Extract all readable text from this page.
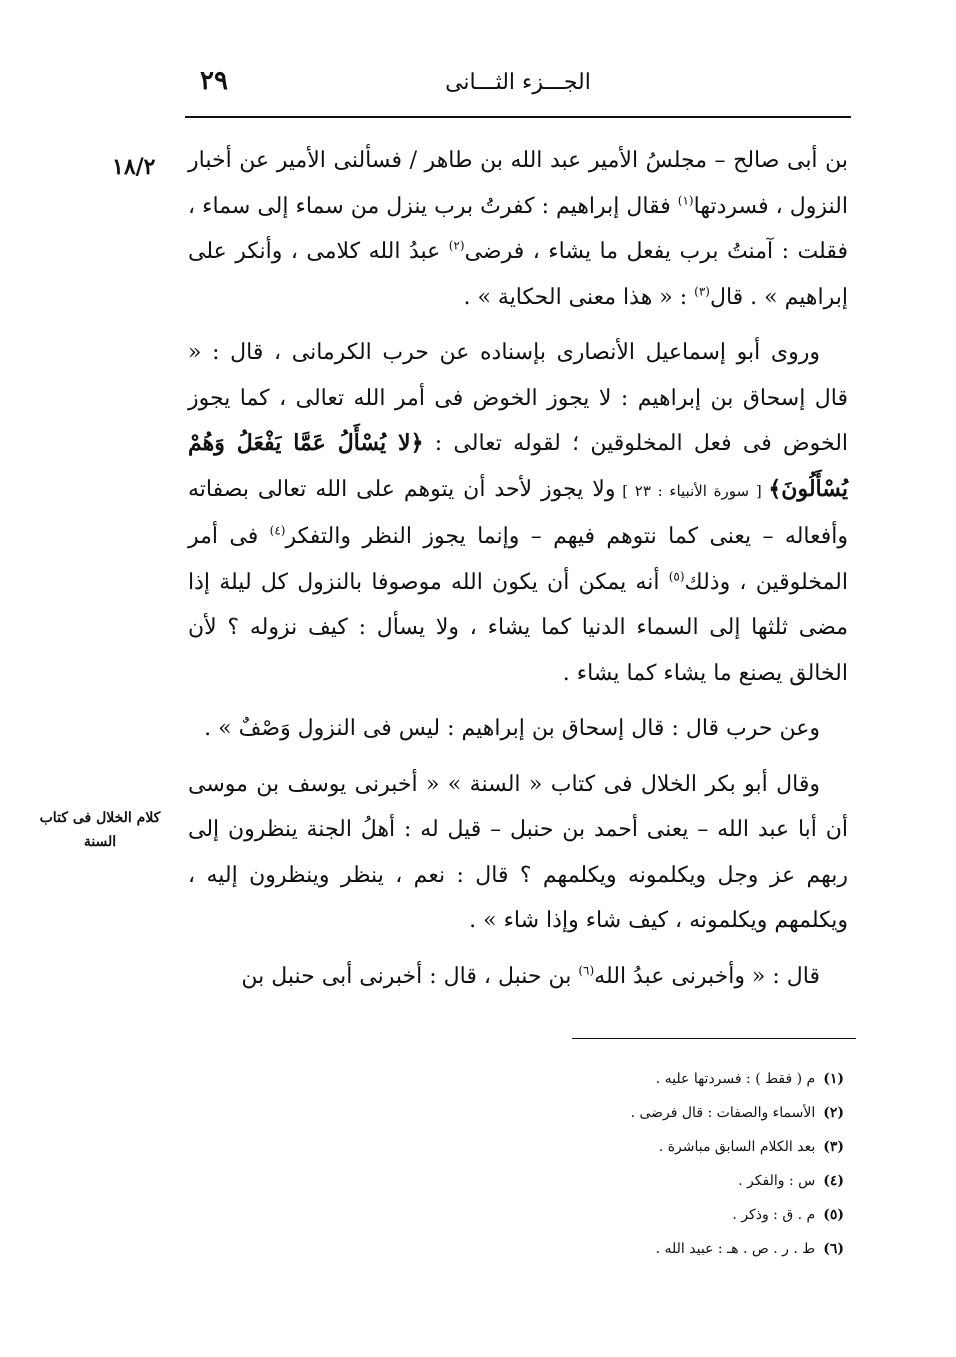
٢٩	الجـــزء الثـــانى
١٨/٢
كلام الخلال فى كتاب السنة

بن أبى صالح – مجلسُ الأمير عبد الله بن طاهر / فسألنى الأمير عن أخبار النزول ، فسردتها$^{(١)}$ فقال إبراهيم : كفرتُ برب ينزل من سماء إلى سماء ، فقلت : آمنتُ برب يفعل ما يشاء ، فرضى$^{(٢)}$ عبدُ الله كلامى ، وأنكر على إبراهيم » . قال$^{(٣)}$ : « هذا معنى الحكاية » .

وروى أبو إسماعيل الأنصارى بإسناده عن حرب الكرمانى ، قال : « قال إسحاق بن إبراهيم : لا يجوز الخوض فى أمر الله تعالى ، كما يجوز الخوض فى فعل المخلوقين ؛ لقوله تعالى : ﴿لا يُسْأَلُ عَمَّا يَفْعَلُ وَهُمْ يُسْأَلُونَ﴾ [ سورة الأنبياء : ٢٣ ] ولا يجوز لأحد أن يتوهم على الله تعالى بصفاته وأفعاله – يعنى كما نتوهم فيهم – وإنما يجوز النظر والتفكر$^{(٤)}$ فى أمر المخلوقين ، وذلك$^{(٥)}$ أنه يمكن أن يكون الله موصوفا بالنزول كل ليلة إذا مضى ثلثها إلى السماء الدنيا كما يشاء ، ولا يسأل : كيف نزوله ؟ لأن الخالق يصنع ما يشاء كما يشاء .

وعن حرب قال : قال إسحاق بن إبراهيم : ليس فى النزول وَصْفٌ » .

وقال أبو بكر الخلال فى كتاب « السنة » « أخبرنى يوسف بن موسى أن أبا عبد الله – يعنى أحمد بن حنبل – قيل له : أهلُ الجنة ينظرون إلى ربهم عز وجل ويكلمونه ويكلمهم ؟ قال : نعم ، ينظر وينظرون إليه ، ويكلمهم ويكلمونه ، كيف شاء وإذا شاء » .

قال : « وأخبرنى عبدُ الله$^{(٦)}$ بن حنبل ، قال : أخبرنى أبى حنبل بن

(١)م ( فقط ) : فسردتها عليه .
(٢)الأسماء والصفات : قال فرضى .
(٣)بعد الكلام السابق مباشرة .
(٤)س : والفكر .
(٥)م . ق : وذكر .
(٦)ط . ر . ص . هـ : عبيد الله .
